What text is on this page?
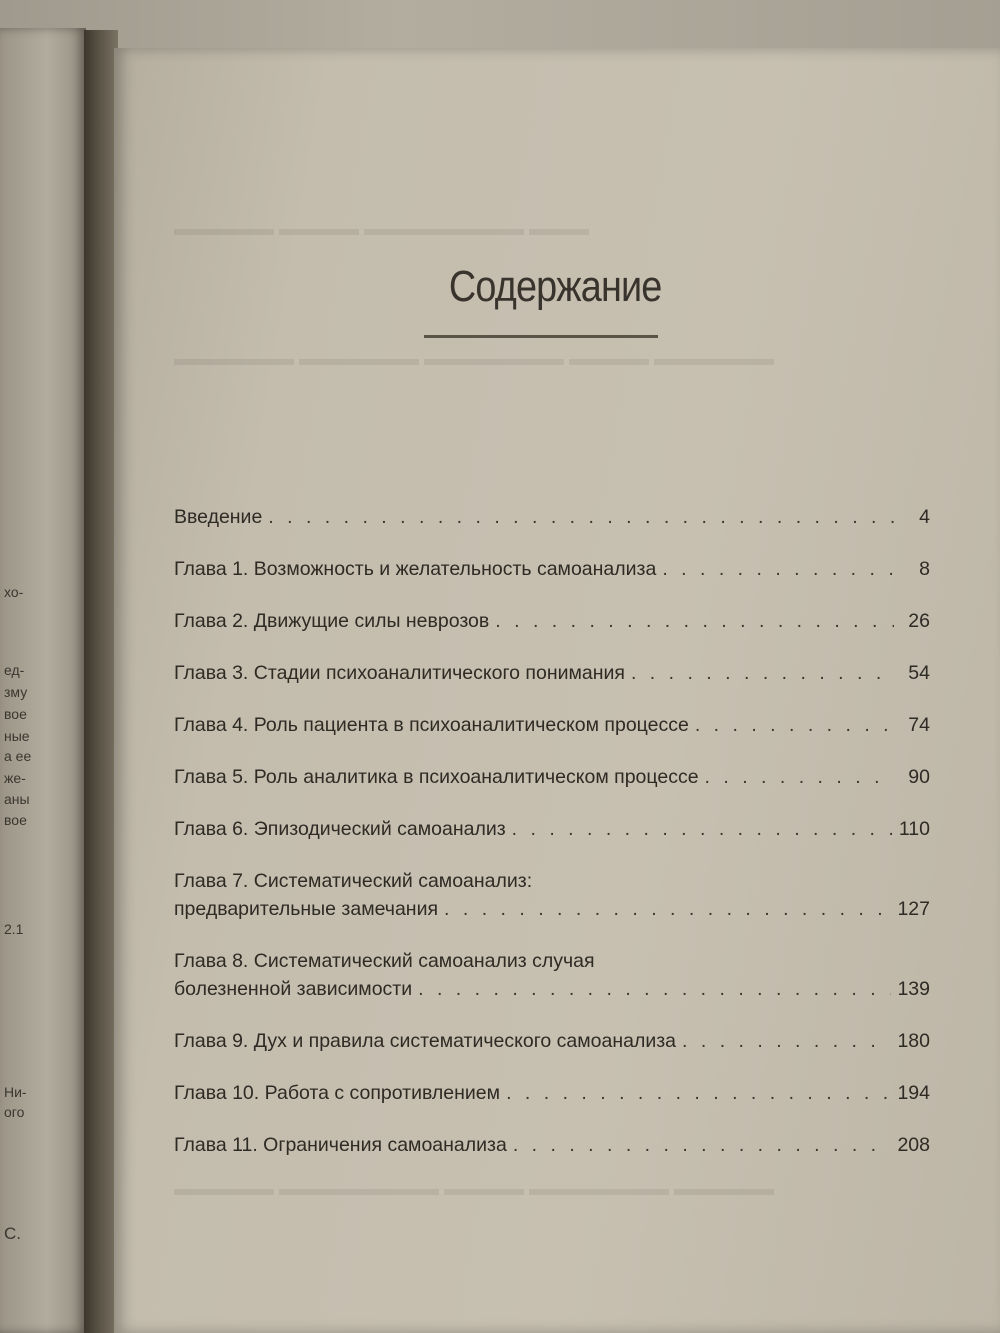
хо-
ед-
зму
вое
ные
а ее
же-
аны
вое
2.1
Ни-
ого
С.
▬▬▬▬▬ ▬▬▬▬ ▬▬▬▬▬▬▬▬ ▬▬▬
▬▬▬▬▬▬ ▬▬▬▬▬▬ ▬▬▬▬▬▬▬ ▬▬▬▬ ▬▬▬▬▬▬
▬▬▬▬▬ ▬▬▬▬▬▬▬▬ ▬▬▬▬ ▬▬▬▬▬▬▬ ▬▬▬▬▬
Содержание
Введение . . .	4
Глава 1. Возможность и желательность самоанализа . . .	8
Глава 2. Движущие силы неврозов . . .	26
Глава 3. Стадии психоаналитического понимания . . .	54
Глава 4. Роль пациента в психоаналитическом процессе . . .	74
Глава 5. Роль аналитика в психоаналитическом процессе . . .	90
Глава 6. Эпизодический самоанализ . . .	110
Глава 7. Систематический самоанализ:
предварительные замечания . . .	127
Глава 8. Систематический самоанализ случая
болезненной зависимости . . .	139
Глава 9. Дух и правила систематического самоанализа . . .	180
Глава 10. Работа с сопротивлением . . .	194
Глава 11. Ограничения самоанализа . . .	208
